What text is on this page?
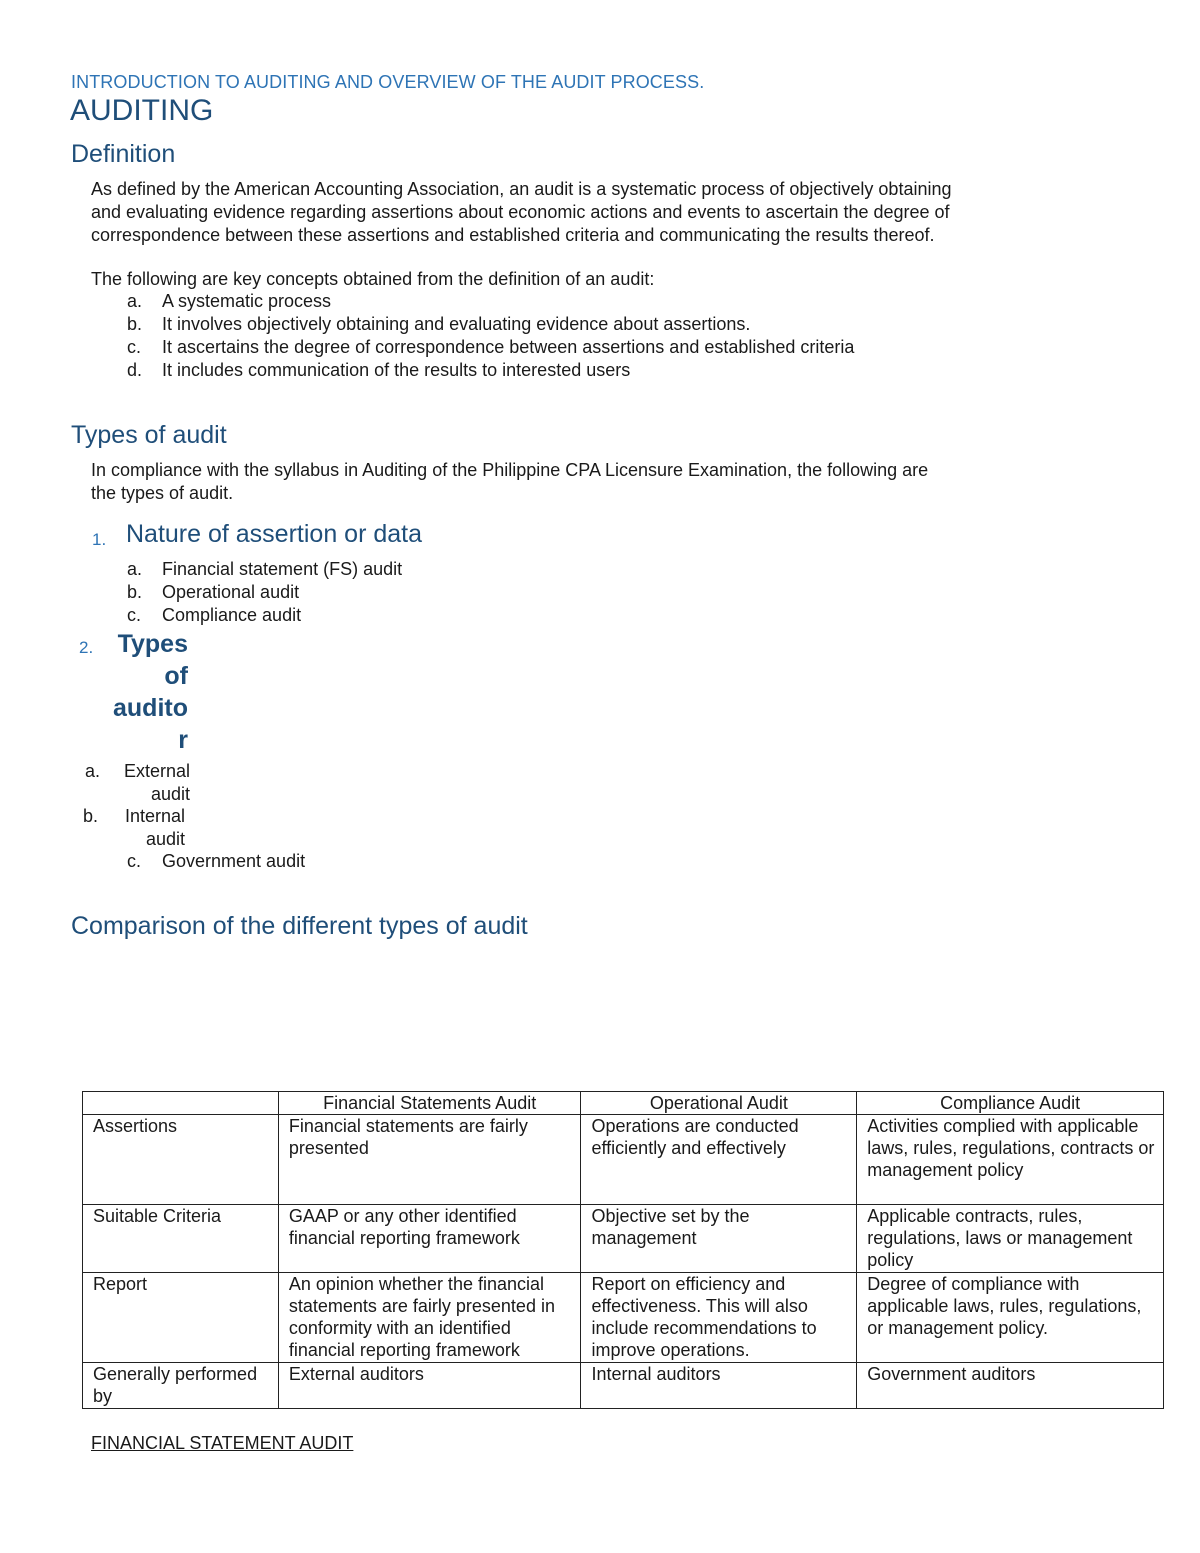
INTRODUCTION TO AUDITING AND OVERVIEW OF THE AUDIT PROCESS.
AUDITING
Definition
As defined by the American Accounting Association, an audit is a systematic process of objectively obtaining
and evaluating evidence regarding assertions about economic actions and events to ascertain the degree of
correspondence between these assertions and established criteria and communicating the results thereof.
The following are key concepts obtained from the definition of an audit:
a. A systematic process
b. It involves objectively obtaining and evaluating evidence about assertions.
c. It ascertains the degree of correspondence between assertions and established criteria
d. It includes communication of the results to interested users
Types of audit
In compliance with the syllabus in Auditing of the Philippine CPA Licensure Examination, the following are
the types of audit.
1. Nature of assertion or data
a. Financial statement (FS) audit
b. Operational audit
c. Compliance audit
2. Types
of
audito
r
a.	External
audit
b.	Internal
audit
c. Government audit
Comparison of the different types of audit
	Financial Statements Audit	Operational Audit	Compliance Audit
Assertions	Financial statements are fairly presented	Operations are conducted efficiently and effectively	Activities complied with applicable laws, rules, regulations, contracts or management policy
Suitable Criteria	GAAP or any other identified financial reporting framework	Objective set by the management	Applicable contracts, rules, regulations, laws or management policy
Report	An opinion whether the financial statements are fairly presented in conformity with an identified financial reporting framework	Report on efficiency and effectiveness. This will also include recommendations to improve operations.	Degree of compliance with applicable laws, rules, regulations, or management policy.
Generally performed by	External auditors	Internal auditors	Government auditors
FINANCIAL STATEMENT AUDIT
